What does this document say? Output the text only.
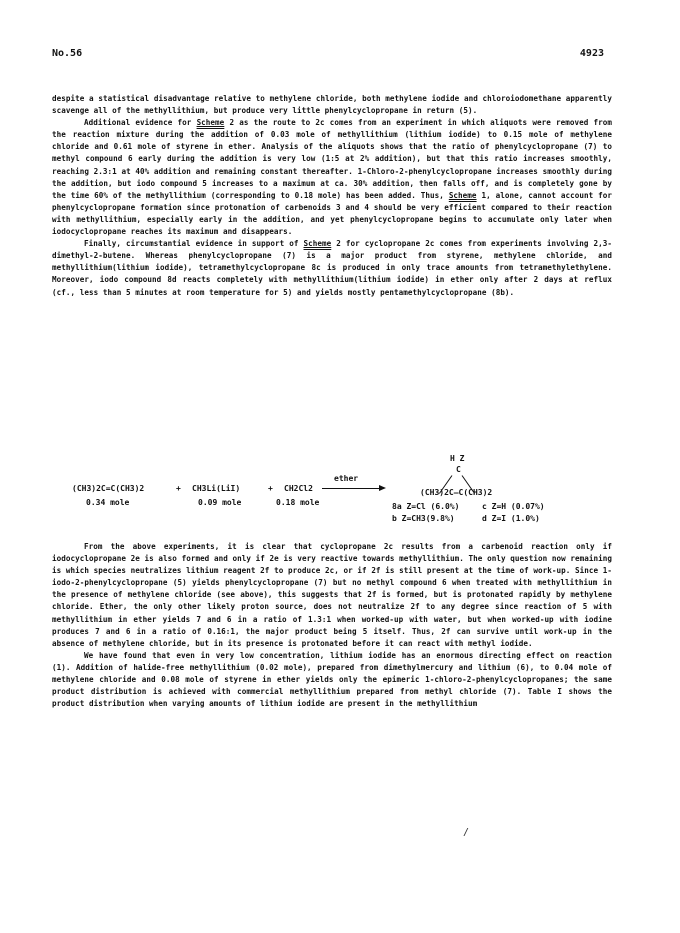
No.56	4923

despite a statistical disadvantage relative to methylene chloride, both methylene iodide and chloroiodomethane apparently scavenge all of the methyllithium, but produce very little phenylcyclopropane in return (5).

Additional evidence for Scheme 2 as the route to 2c comes from an experiment in which aliquots were removed from the reaction mixture during the addition of 0.03 mole of methyllithium (lithium iodide) to 0.15 mole of methylene chloride and 0.61 mole of styrene in ether. Analysis of the aliquots shows that the ratio of phenylcyclopropane (7) to methyl compound 6 early during the addition is very low (1:5 at 2% addition), but that this ratio increases smoothly, reaching 2.3:1 at 40% addition and remaining constant thereafter. 1-Chloro-2-phenylcyclopropane increases smoothly during the addition, but iodo compound 5 increases to a maximum at ca. 30% addition, then falls off, and is completely gone by the time 60% of the methyllithium (corresponding to 0.18 mole) has been added. Thus, Scheme 1, alone, cannot account for phenylcyclopropane formation since protonation of carbenoids 3 and 4 should be very efficient compared to their reaction with methyllithium, especially early in the addition, and yet phenylcyclopropane begins to accumulate only later when iodocyclopropane reaches its maximum and disappears.

Finally, circumstantial evidence in support of Scheme 2 for cyclopropane 2c comes from experiments involving 2,3-dimethyl-2-butene. Whereas phenylcyclopropane (7) is a major product from styrene, methylene chloride, and methyllithium(lithium iodide), tetramethylcyclopropane 8c is produced in only trace amounts from tetramethylethylene. Moreover, iodo compound 8d reacts completely with methyllithium(lithium iodide) in ether only after 2 days at reflux (cf., less than 5 minutes at room temperature for 5) and yields mostly pentamethylcyclopropane (8b).

(CH3)2C=C(CH3)2
0.34 mole
+ CH3Li(LiI)
0.09 mole
+ CH2Cl2
0.18 mole
ether
H Z
C
(CH3)2C—C(CH3)2
8a Z=Cl (6.0%)	c Z=H (0.07%)
b Z=CH3(9.8%)	d Z=I (1.0%)

From the above experiments, it is clear that cyclopropane 2c results from a carbenoid reaction only if iodocyclopropane 2e is also formed and only if 2e is very reactive towards methyllithium. The only question now remaining is which species neutralizes lithium reagent 2f to produce 2c, or if 2f is still present at the time of work-up. Since 1-iodo-2-phenylcyclopropane (5) yields phenylcyclopropane (7) but no methyl compound 6 when treated with methyllithium in the presence of methylene chloride (see above), this suggests that 2f is formed, but is protonated rapidly by methylene chloride. Ether, the only other likely proton source, does not neutralize 2f to any degree since reaction of 5 with methyllithium in ether yields 7 and 6 in a ratio of 1.3:1 when worked-up with water, but when worked-up with iodine produces 7 and 6 in a ratio of 0.16:1, the major product being 5 itself. Thus, 2f can survive until work-up in the absence of methylene chloride, but in its presence is protonated before it can react with methyl iodide.

We have found that even in very low concentration, lithium iodide has an enormous directing effect on reaction (1). Addition of halide-free methyllithium (0.02 mole), prepared from dimethylmercury and lithium (6), to 0.04 mole of methylene chloride and 0.08 mole of styrene in ether yields only the epimeric 1-chloro-2-phenylcyclopropanes; the same product distribution is achieved with commercial methyllithium prepared from methyl chloride (7). Table I shows the product distribution when varying amounts of lithium iodide are present in the methyllithium

/
